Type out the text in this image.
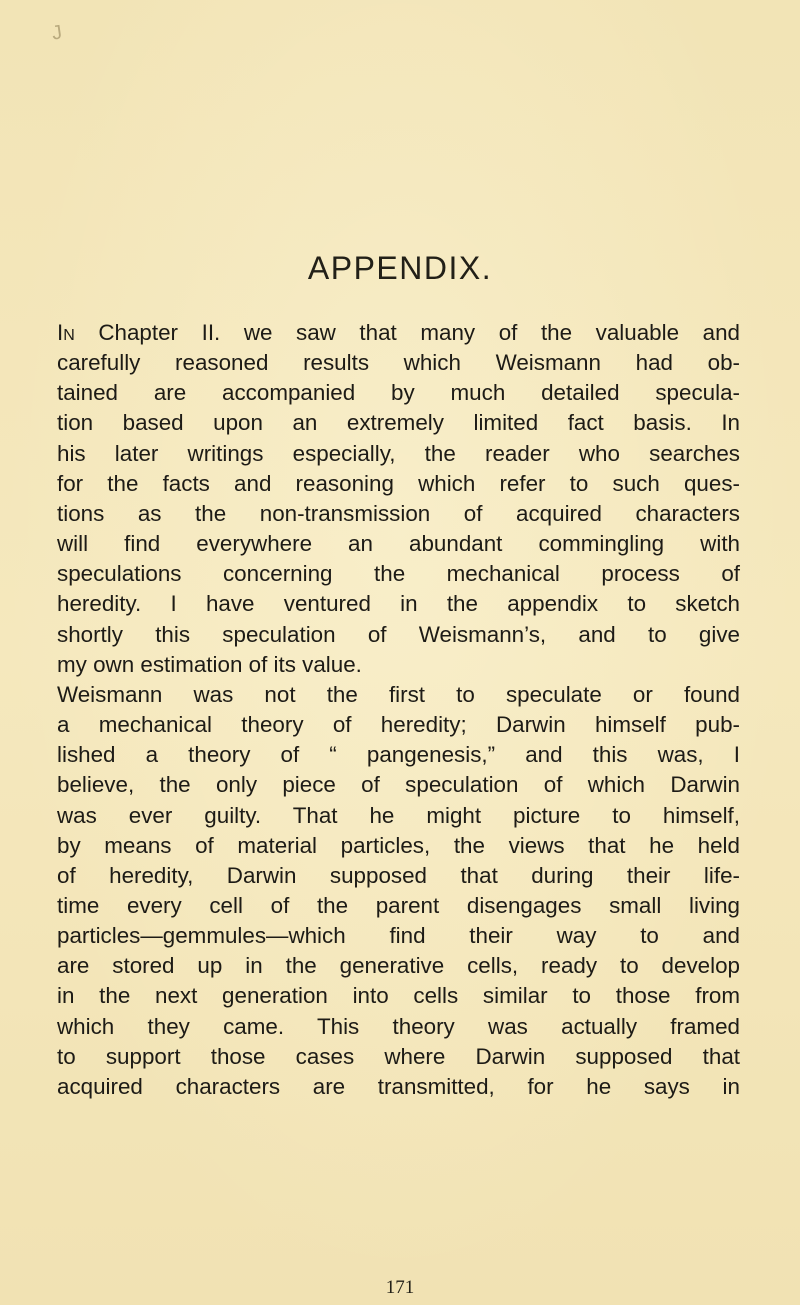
J
APPENDIX.
In Chapter II. we saw that many of the valuable and
carefully reasoned results which Weismann had ob-
tained are accompanied by much detailed specula-
tion based upon an extremely limited fact basis. In
his later writings especially, the reader who searches
for the facts and reasoning which refer to such ques-
tions as the non-transmission of acquired characters
will find everywhere an abundant commingling with
speculations concerning the mechanical process of
heredity. I have ventured in the appendix to sketch
shortly this speculation of Weismann’s, and to give
my own estimation of its value.
Weismann was not the first to speculate or found
a mechanical theory of heredity; Darwin himself pub-
lished a theory of “ pangenesis,” and this was, I
believe, the only piece of speculation of which Darwin
was ever guilty. That he might picture to himself,
by means of material particles, the views that he held
of heredity, Darwin supposed that during their life-
time every cell of the parent disengages small living
particles—gemmules—which find their way to and
are stored up in the generative cells, ready to develop
in the next generation into cells similar to those from
which they came. This theory was actually framed
to support those cases where Darwin supposed that
acquired characters are transmitted, for he says in
171
